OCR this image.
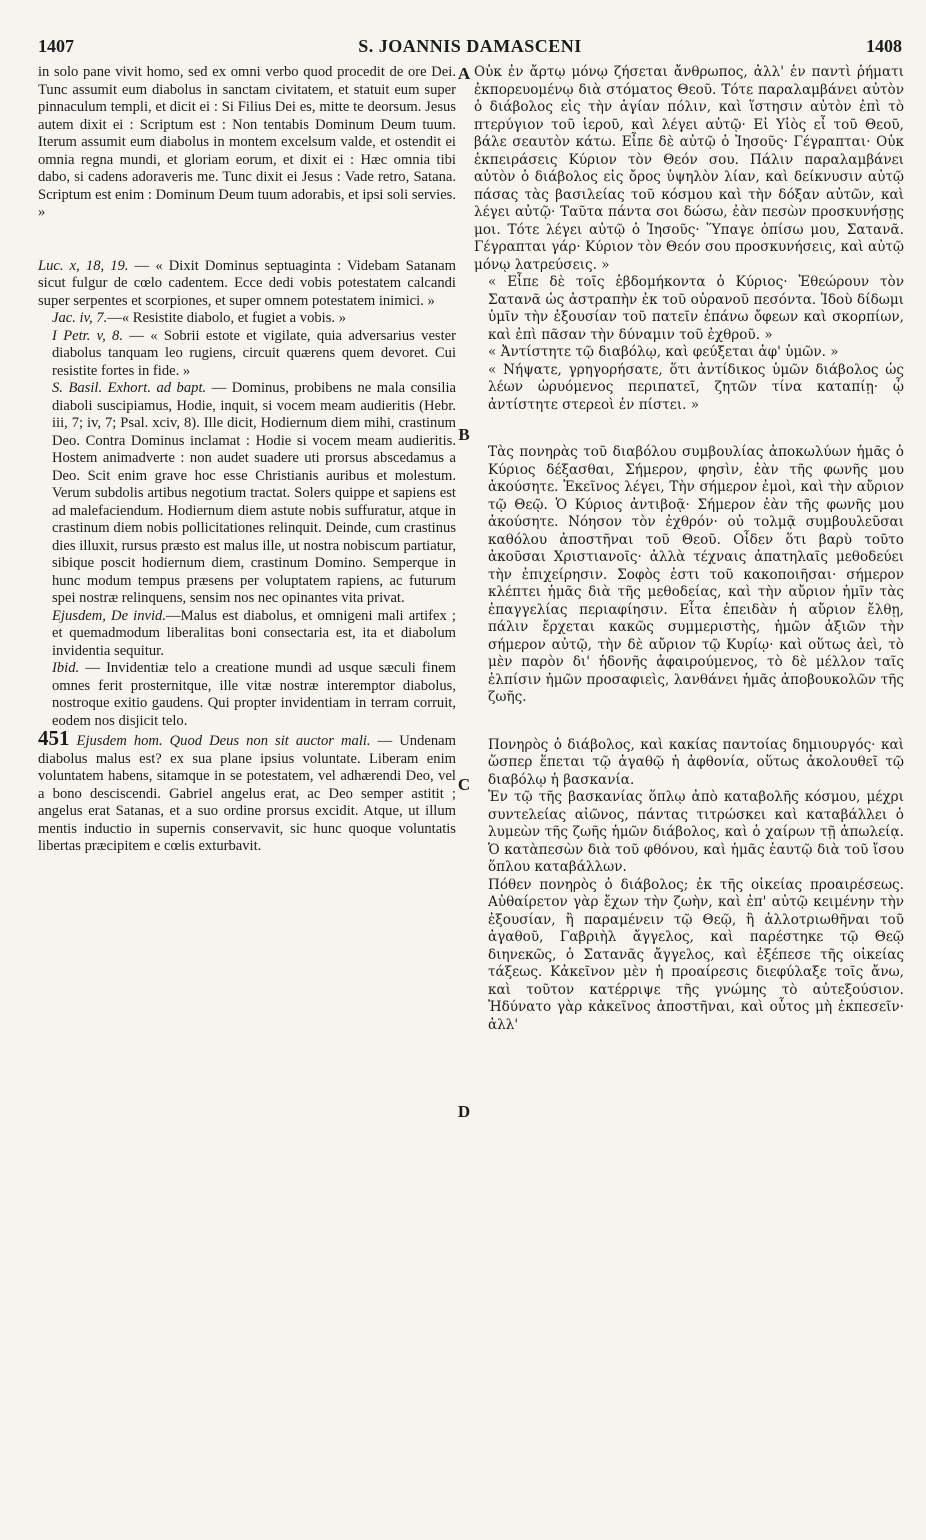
1407	S. JOANNIS DAMASCENI	1408
A
B
C
D

in solo pane vivit homo, sed ex omni verbo quod procedit de ore Dei. Tunc assumit eum diabolus in sanctam civitatem, et statuit eum super pinnaculum templi, et dicit ei : Si Filius Dei es, mitte te deorsum. Jesus autem dixit ei : Scriptum est : Non tentabis Dominum Deum tuum. Iterum assumit eum diabolus in montem excelsum valde, et ostendit ei omnia regna mundi, et gloriam eorum, et dixit ei : Hæc omnia tibi dabo, si cadens adoraveris me. Tunc dixit ei Jesus : Vade retro, Satana. Scriptum est enim : Dominum Deum tuum adorabis, et ipsi soli servies. »

Luc. x, 18, 19. — « Dixit Dominus septuaginta : Videbam Satanam sicut fulgur de cœlo cadentem. Ecce dedi vobis potestatem calcandi super serpentes et scorpiones, et super omnem potestatem inimici. »

Jac. iv, 7.—« Resistite diabolo, et fugiet a vobis. »

I Petr. v, 8. — « Sobrii estote et vigilate, quia adversarius vester diabolus tanquam leo rugiens, circuit quærens quem devoret. Cui resistite fortes in fide. »

S. Basil. Exhort. ad bapt. — Dominus, probibens ne mala consilia diaboli suscipiamus, Hodie, inquit, si vocem meam audieritis (Hebr. iii, 7; iv, 7; Psal. xciv, 8). Ille dicit, Hodiernum diem mihi, crastinum Deo. Contra Dominus inclamat : Hodie si vocem meam audieritis. Hostem animadverte : non audet suadere uti prorsus abscedamus a Deo. Scit enim grave hoc esse Christianis auribus et molestum. Verum subdolis artibus negotium tractat. Solers quippe et sapiens est ad malefaciendum. Hodiernum diem astute nobis suffuratur, atque in crastinum diem nobis pollicitationes relinquit. Deinde, cum crastinus dies illuxit, rursus præsto est malus ille, ut nostra nobiscum partiatur, sibique poscit hodiernum diem, crastinum Domino. Semperque in hunc modum tempus præsens per voluptatem rapiens, ac futurum spei nostræ relinquens, sensim nos nec opinantes vita privat.

Ejusdem, De invid.—Malus est diabolus, et omnigeni mali artifex ; et quemadmodum liberalitas boni consectaria est, ita et diabolum invidentia sequitur.

Ibid. — Invidentiæ telo a creatione mundi ad usque sæculi finem omnes ferit prosternitque, ille vitæ nostræ interemptor diabolus, nostroque exitio gaudens. Qui propter invidentiam in terram corruit, eodem nos disjicit telo.

451 Ejusdem hom. Quod Deus non sit auctor mali. — Undenam diabolus malus est? ex sua plane ipsius voluntate. Liberam enim voluntatem habens, sitamque in se potestatem, vel adhærendi Deo, vel a bono desciscendi. Gabriel angelus erat, ac Deo semper astitit ; angelus erat Satanas, et a suo ordine prorsus excidit. Atque, ut illum mentis inductio in supernis conservavit, sic hunc quoque voluntatis libertas præcipitem e cœlis exturbavit.

Οὐκ ἐν ἄρτῳ μόνῳ ζήσεται ἄνθρωπος, ἀλλ' ἐν παντὶ ῥήματι ἐκπορευομένῳ διὰ στόματος Θεοῦ. Τότε παραλαμβάνει αὐτὸν ὁ διάβολος εἰς τὴν ἁγίαν πόλιν, καὶ ἵστησιν αὐτὸν ἐπὶ τὸ πτερύγιον τοῦ ἱεροῦ, καὶ λέγει αὐτῷ· Εἰ Υἱὸς εἶ τοῦ Θεοῦ, βάλε σεαυτὸν κάτω. Εἶπε δὲ αὐτῷ ὁ Ἰησοῦς· Γέγραπται· Οὐκ ἐκπειράσεις Κύριον τὸν Θεόν σου. Πάλιν παραλαμβάνει αὐτὸν ὁ διάβολος εἰς ὄρος ὑψηλὸν λίαν, καὶ δείκνυσιν αὐτῷ πάσας τὰς βασιλείας τοῦ κόσμου καὶ τὴν δόξαν αὐτῶν, καὶ λέγει αὐτῷ· Ταῦτα πάντα σοι δώσω, ἐὰν πεσὼν προσκυνήσῃς μοι. Τότε λέγει αὐτῷ ὁ Ἰησοῦς· Ὕπαγε ὀπίσω μου, Σατανᾶ. Γέγραπται γάρ· Κύριον τὸν Θεόν σου προσκυνήσεις, καὶ αὐτῷ μόνῳ λατρεύσεις. »

« Εἶπε δὲ τοῖς ἑβδομήκοντα ὁ Κύριος· Ἐθεώρουν τὸν Σατανᾶ ὡς ἀστραπὴν ἐκ τοῦ οὐρανοῦ πεσόντα. Ἰδοὺ δίδωμι ὑμῖν τὴν ἐξουσίαν τοῦ πατεῖν ἐπάνω ὄφεων καὶ σκορπίων, καὶ ἐπὶ πᾶσαν τὴν δύναμιν τοῦ ἐχθροῦ. »

« Ἀντίστητε τῷ διαβόλῳ, καὶ φεύξεται ἀφ' ὑμῶν. »

« Νήψατε, γρηγορήσατε, ὅτι ἀντίδικος ὑμῶν διάβολος ὡς λέων ὠρυόμενος περιπατεῖ, ζητῶν τίνα καταπίῃ· ᾧ ἀντίστητε στερεοὶ ἐν πίστει. »

Τὰς πονηρὰς τοῦ διαβόλου συμβουλίας ἀποκωλύων ἡμᾶς ὁ Κύριος δέξασθαι, Σήμερον, φησὶν, ἐὰν τῆς φωνῆς μου ἀκούσητε. Ἐκεῖνος λέγει, Τὴν σήμερον ἐμοὶ, καὶ τὴν αὔριον τῷ Θεῷ. Ὁ Κύριος ἀντιβοᾷ· Σήμερον ἐὰν τῆς φωνῆς μου ἀκούσητε. Νόησον τὸν ἐχθρόν· οὐ τολμᾷ συμβουλεῦσαι καθόλου ἀποστῆναι τοῦ Θεοῦ. Οἶδεν ὅτι βαρὺ τοῦτο ἀκοῦσαι Χριστιανοῖς· ἀλλὰ τέχναις ἀπατηλαῖς μεθοδεύει τὴν ἐπιχείρησιν. Σοφὸς ἐστι τοῦ κακοποιῆσαι· σήμερον κλέπτει ἡμᾶς διὰ τῆς μεθοδείας, καὶ τὴν αὔριον ἡμῖν τὰς ἐπαγγελίας περιαφίησιν. Εἶτα ἐπειδὰν ἡ αὔριον ἔλθῃ, πάλιν ἔρχεται κακῶς συμμεριστὴς, ἡμῶν ἀξιῶν τὴν σήμερον αὐτῷ, τὴν δὲ αὔριον τῷ Κυρίῳ· καὶ οὕτως ἀεὶ, τὸ μὲν παρὸν δι' ἡδονῆς ἀφαιρούμενος, τὸ δὲ μέλλον ταῖς ἐλπίσιν ἡμῶν προσαφιεὶς, λανθάνει ἡμᾶς ἀποβουκολῶν τῆς ζωῆς.

Πονηρὸς ὁ διάβολος, καὶ κακίας παντοίας δημιουργός· καὶ ὥσπερ ἕπεται τῷ ἀγαθῷ ἡ ἀφθονία, οὕτως ἀκολουθεῖ τῷ διαβόλῳ ἡ βασκανία.

Ἐν τῷ τῆς βασκανίας ὅπλῳ ἀπὸ καταβολῆς κόσμου, μέχρι συντελείας αἰῶνος, πάντας τιτρώσκει καὶ καταβάλλει ὁ λυμεὼν τῆς ζωῆς ἡμῶν διάβολος, καὶ ὁ χαίρων τῇ ἀπωλείᾳ. Ὁ κατὰπεσὼν διὰ τοῦ φθόνου, καὶ ἡμᾶς ἑαυτῷ διὰ τοῦ ἴσου ὅπλου καταβάλλων.

Πόθεν πονηρὸς ὁ διάβολος; ἐκ τῆς οἰκείας προαιρέσεως. Αὐθαίρετον γὰρ ἔχων τὴν ζωὴν, καὶ ἐπ' αὐτῷ κειμένην τὴν ἐξουσίαν, ἢ παραμένειν τῷ Θεῷ, ἢ ἀλλοτριωθῆναι τοῦ ἀγαθοῦ, Γαβριὴλ ἄγγελος, καὶ παρέστηκε τῷ Θεῷ διηνεκῶς, ὁ Σατανᾶς ἄγγελος, καὶ ἐξέπεσε τῆς οἰκείας τάξεως. Κἀκεῖνον μὲν ἡ προαίρεσις διεφύλαξε τοῖς ἄνω, καὶ τοῦτον κατέρριψε τῆς γνώμης τὸ αὐτεξούσιον. Ἠδύνατο γὰρ κἀκεῖνος ἀποστῆναι, καὶ οὗτος μὴ ἐκπεσεῖν· ἀλλ'
